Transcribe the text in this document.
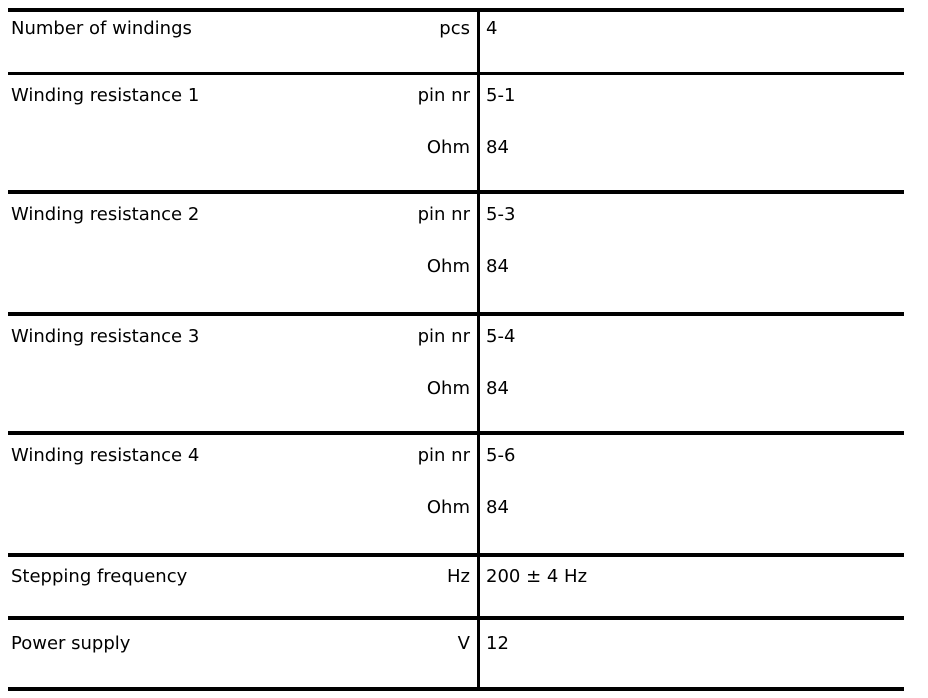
Number of windings	pcs 4
Winding resistance 1	pin nr 5-1
Ohm 84
Winding resistance 2	pin nr 5-3
Ohm 84
Winding resistance 3	pin nr 5-4
Ohm 84
Winding resistance 4	pin nr 5-6
Ohm 84
Stepping frequency	Hz 200 ± 4 Hz
Power supply	V 12
